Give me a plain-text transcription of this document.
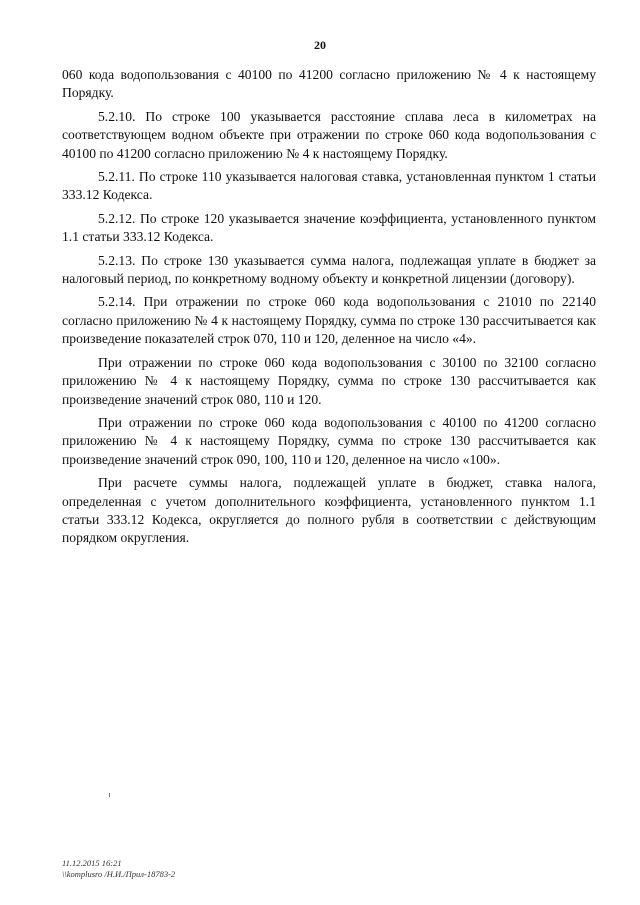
20

060 кода водопользования с 40100 по 41200 согласно приложению № 4 к настоящему Порядку.

5.2.10. По строке 100 указывается расстояние сплава леса в километрах на соответствующем водном объекте при отражении по строке 060 кода водопользования с 40100 по 41200 согласно приложению № 4 к настоящему Порядку.

5.2.11. По строке 110 указывается налоговая ставка, установленная пунктом 1 статьи 333.12 Кодекса.

5.2.12. По строке 120 указывается значение коэффициента, установленного пунктом 1.1 статьи 333.12 Кодекса.

5.2.13. По строке 130 указывается сумма налога, подлежащая уплате в бюджет за налоговый период, по конкретному водному объекту и конкретной лицензии (договору).

5.2.14. При отражении по строке 060 кода водопользования с 21010 по 22140 согласно приложению № 4 к настоящему Порядку, сумма по строке 130 рассчитывается как произведение показателей строк 070, 110 и 120, деленное на число «4».

При отражении по строке 060 кода водопользования с 30100 по 32100 согласно приложению № 4 к настоящему Порядку, сумма по строке 130 рассчитывается как произведение значений строк 080, 110 и 120.

При отражении по строке 060 кода водопользования с 40100 по 41200 согласно приложению № 4 к настоящему Порядку, сумма по строке 130 рассчитывается как произведение значений строк 090, 100, 110 и 120, деленное на число «100».

При расчете суммы налога, подлежащей уплате в бюджет, ставка налога, определенная с учетом дополнительного коэффициента, установленного пунктом 1.1 статьи 333.12 Кодекса, округляется до полного рубля в соответствии с действующим порядком округления.

11.12.2015 16:21
\\komplusro /Н.И./Прил-18783-2
